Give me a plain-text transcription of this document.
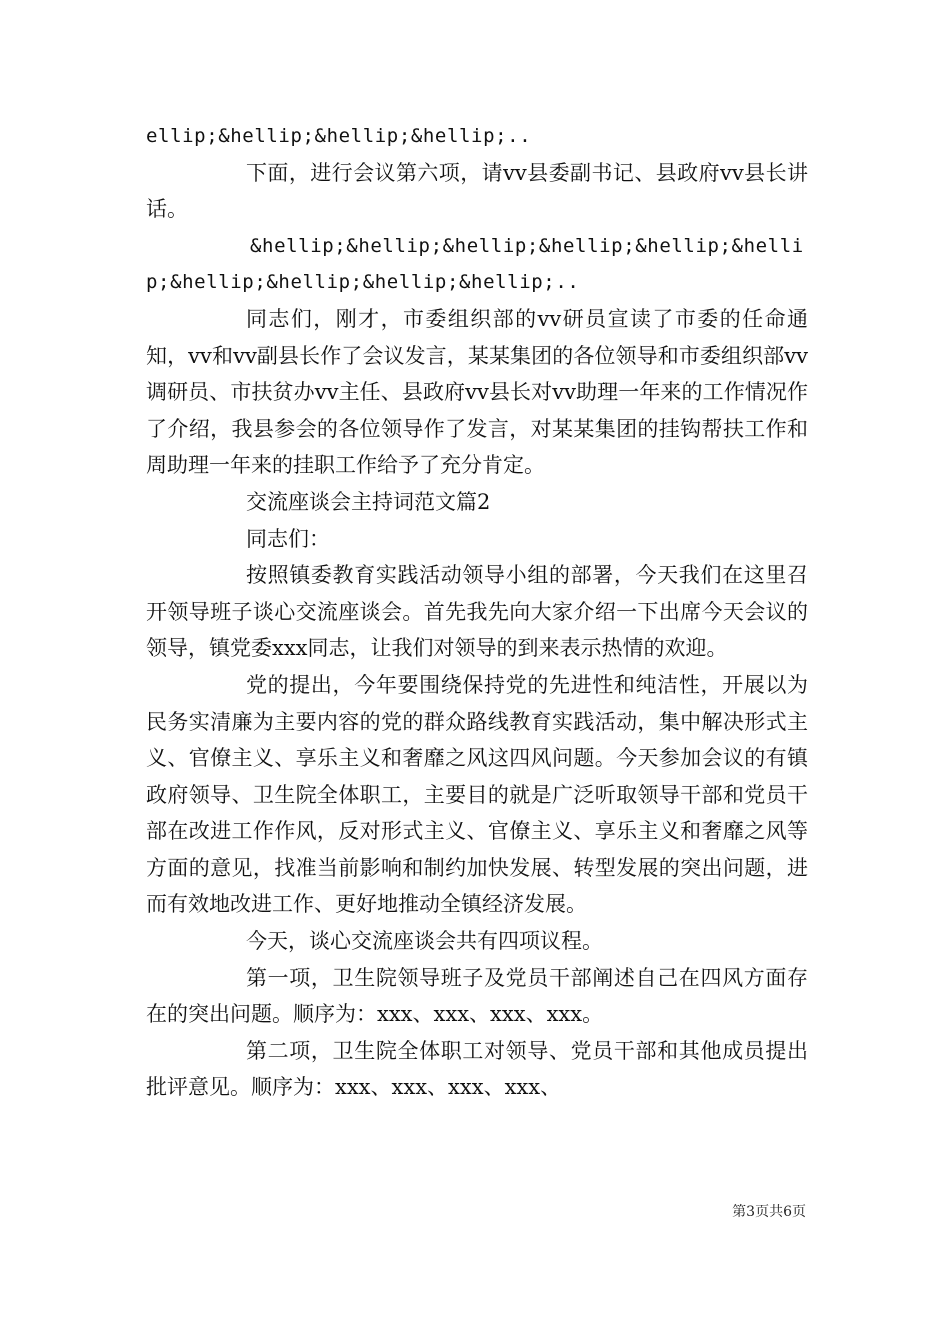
ellip;&hellip;&hellip;&hellip;..

下面，进行会议第六项，请vv县委副书记、县政府vv县长讲话。

&hellip;&hellip;&hellip;&hellip;&hellip;&hellip;&hellip;&hellip;&hellip;&hellip;..

同志们，刚才，市委组织部的vv研员宣读了市委的任命通知，vv和vv副县长作了会议发言，某某集团的各位领导和市委组织部vv调研员、市扶贫办vv主任、县政府vv县长对vv助理一年来的工作情况作了介绍，我县参会的各位领导作了发言，对某某集团的挂钩帮扶工作和周助理一年来的挂职工作给予了充分肯定。

交流座谈会主持词范文篇2

同志们：

按照镇委教育实践活动领导小组的部署，今天我们在这里召开领导班子谈心交流座谈会。首先我先向大家介绍一下出席今天会议的领导，镇党委xxx同志，让我们对领导的到来表示热情的欢迎。

党的提出，今年要围绕保持党的先进性和纯洁性，开展以为民务实清廉为主要内容的党的群众路线教育实践活动，集中解决形式主义、官僚主义、享乐主义和奢靡之风这四风问题。今天参加会议的有镇政府领导、卫生院全体职工，主要目的就是广泛听取领导干部和党员干部在改进工作作风，反对形式主义、官僚主义、享乐主义和奢靡之风等方面的意见，找准当前影响和制约加快发展、转型发展的突出问题，进而有效地改进工作、更好地推动全镇经济发展。

今天，谈心交流座谈会共有四项议程。

第一项，卫生院领导班子及党员干部阐述自己在四风方面存在的突出问题。顺序为：xxx、xxx、xxx、xxx。

第二项，卫生院全体职工对领导、党员干部和其他成员提出批评意见。顺序为：xxx、xxx、xxx、xxx、

第3页共6页
